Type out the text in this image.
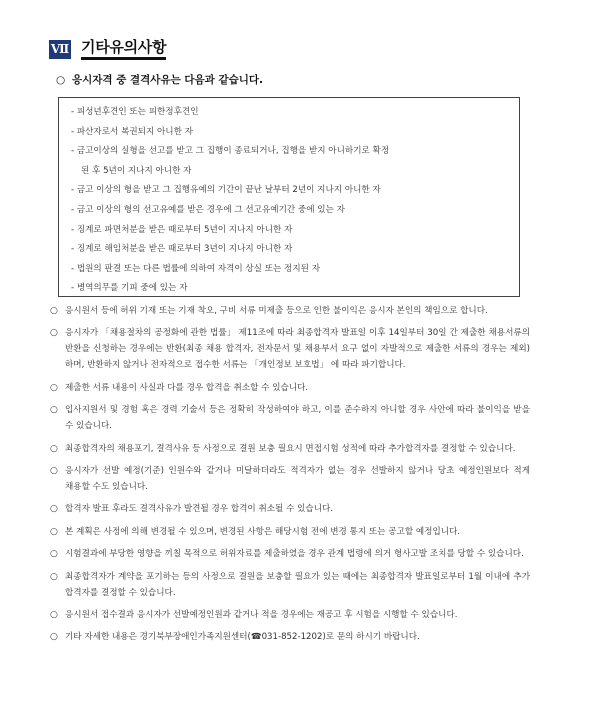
Ⅶ 기타유의사항
○ 응시자격 중 결격사유는 다음과 같습니다.
- 피성년후견인 또는 피한정후견인
- 파산자로서 복권되지 아니한 자
- 금고이상의 실형을 선고를 받고 그 집행이 종료되거나, 집행을 받지 아니하기로 확정
된 후 5년이 지나지 아니한 자
- 금고 이상의 형을 받고 그 집행유예의 기간이 끝난 날부터 2년이 지나지 아니한 자
- 금고 이상의 형의 선고유예를 받은 경우에 그 선고유예기간 중에 있는 자
- 징계로 파면처분을 받은 때로부터 5년이 지나지 아니한 자
- 징계로 해임처분을 받은 때로부터 3년이 지나지 아니한 자
- 법원의 판결 또는 다른 법률에 의하여 자격이 상실 또는 정지된 자
- 병역의무를 기피 중에 있는 자
○ 응시원서 등에 허위 기재 또는 기재 착오, 구비 서류 미제출 등으로 인한 불이익은 응시자 본인의 책임으로 합니다.
○ 응시자가 「채용절차의 공정화에 관한 법률」 제11조에 따라 최종합격자 발표일 이후 14일부터 30일 간 제출한 채용서류의 반환을 신청하는 경우에는 반환(최종 채용 합격자, 전자문서 및 채용부서 요구 없이 자발적으로 제출한 서류의 경우는 제외)하며, 반환하지 않거나 전자적으로 접수한 서류는 「개인정보 보호법」 에 따라 파기합니다.
○ 제출한 서류 내용이 사실과 다를 경우 합격을 취소할 수 있습니다.
○ 입사지원서 및 경험 혹은 경력 기술서 등은 정확히 작성하여야 하고, 이를 준수하지 아니할 경우 사안에 따라 불이익을 받을 수 있습니다.
○ 최종합격자의 채용포기, 결격사유 등 사정으로 결원 보충 필요시 면접시험 성적에 따라 추가합격자를 결정할 수 있습니다.
○ 응시자가 선발 예정(기준) 인원수와 같거나 미달하더라도 적격자가 없는 경우 선발하지 않거나 당초 예정인원보다 적게 채용할 수도 있습니다.
○ 합격자 발표 후라도 결격사유가 발견될 경우 합격이 취소될 수 있습니다.
○ 본 계획은 사정에 의해 변경될 수 있으며, 변경된 사항은 해당시험 전에 변경 통지 또는 공고할 예정입니다.
○ 시험결과에 부당한 영향을 끼칠 목적으로 허위자료를 제출하였을 경우 관계 법령에 의거 형사고발 조치를 당할 수 있습니다.
○ 최종합격자가 계약을 포기하는 등의 사정으로 결원을 보충할 필요가 있는 때에는 최종합격자 발표일로부터 1월 이내에 추가 합격자를 결정할 수 있습니다.
○ 응시원서 접수결과 응시자가 선발예정인원과 같거나 적을 경우에는 재공고 후 시험을 시행할 수 있습니다.
○ 기타 자세한 내용은 경기북부장애인가족지원센터(☎031-852-1202)로 문의 하시기 바랍니다.
